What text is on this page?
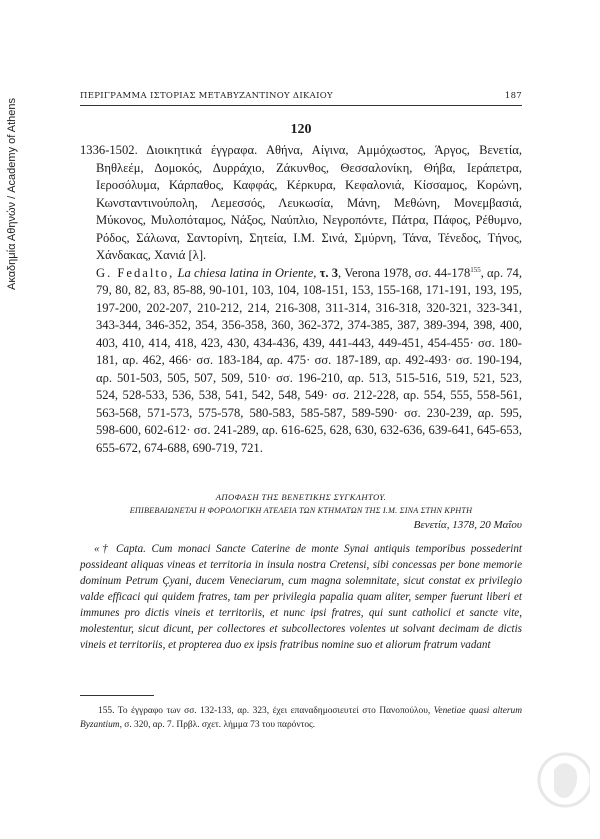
Ακαδημία Αθηνών / Academy of Athens
ΠΕΡΙΓΡΑΜΜΑ ΙΣΤΟΡΙΑΣ ΜΕΤΑΒΥΖΑΝΤΙΝΟΥ ΔΙΚΑΙΟΥ	187
120

1336-1502. Διοικητικά έγγραφα. Αθήνα, Αίγινα, Αμμόχωστος, Άργος, Βενετία, Βηθλεέμ, Δομοκός, Δυρράχιο, Ζάκυνθος, Θεσσαλονίκη, Θήβα, Ιεράπετρα, Ιεροσόλυμα, Κάρπαθος, Καφφάς, Κέρκυρα, Κεφαλονιά, Κίσσαμος, Κορώνη, Κωνσταντινούπολη, Λεμεσσός, Λευκωσία, Μάνη, Μεθώνη, Μονεμβασιά, Μύκονος, Μυλοπόταμος, Νάξος, Ναύπλιο, Νεγροπόντε, Πάτρα, Πάφος, Ρέθυμνο, Ρόδος, Σάλωνα, Σαντορίνη, Σητεία, Ι.Μ. Σινά, Σμύρνη, Τάνα, Τένεδος, Τήνος, Χάνδακας, Χανιά [λ].

G. Fedalto, La chiesa latina in Oriente, τ. 3, Verona 1978, σσ. $44-178^{155}$, αρ. 74, 79, 80, 82, 83, 85-88, 90-101, 103, 104, 108-151, 153, 155-168, 171-191, 193, 195, 197-200, 202-207, 210-212, 214, 216-308, 311-314, 316-318, 320-321, 323-341, 343-344, 346-352, 354, 356-358, 360, 362-372, 374-385, 387, 389-394, 398, 400, 403, 410, 414, 418, 423, 430, 434-436, 439, 441-443, 449-451, 454-455· σσ. 180-181, αρ. 462, 466· σσ. 183-184, αρ. 475· σσ. 187-189, αρ. 492-493· σσ. 190-194, αρ. 501-503, 505, 507, 509, 510· σσ. 196-210, αρ. 513, 515-516, 519, 521, 523, 524, 528-533, 536, 538, 541, 542, 548, 549· σσ. 212-228, αρ. 554, 555, 558-561, 563-568, 571-573, 575-578, 580-583, 585-587, 589-590· σσ. 230-239, αρ. 595, 598-600, 602-612· σσ. 241-289, αρ. 616-625, 628, 630, 632-636, 639-641, 645-653, 655-672, 674-688, 690-719, 721.

ΑΠΟΦΑΣΗ ΤΗΣ ΒΕΝΕΤΙΚΗΣ ΣΥΓΚΛΗΤΟΥ.
ΕΠΙΒΕΒΑΙΩΝΕΤΑΙ Η ΦΟΡΟΛΟΓΙΚΗ ΑΤΕΛΕΙΑ ΤΩΝ ΚΤΗΜΑΤΩΝ ΤΗΣ Ι.Μ. ΣΙΝΑ ΣΤΗΝ ΚΡΗΤΗ
Βενετία, 1378, 20 Μαΐου

«† Capta. Cum monaci Sancte Caterine de monte Synai antiquis temporibus possederint possideant aliquas vineas et territoria in insula nostra Cretensi, sibi concessas per bone memorie dominum Petrum Çyani, ducem Veneciarum, cum magna solemnitate, sicut constat ex privilegio valde efficaci qui quidem fratres, tam per privilegia papalia quam aliter, semper fuerunt liberi et immunes pro dictis vineis et territoriis, et nunc ipsi fratres, qui sunt catholici et sancte vite, molestentur, sicut dicunt, per collectores et subcollectores volentes ut solvant decimam de dictis vineis et territoriis, et propterea duo ex ipsis fratribus nomine suo et aliorum fratrum vadant

155. Το έγγραφο των σσ. 132-133, αρ. 323, έχει επαναδημοσιευτεί στο Πανοπούλου, Venetiae quasi alterum Byzantium, σ. 320, αρ. 7. Πρβλ. σχετ. λήμμα 73 του παρόντος.
